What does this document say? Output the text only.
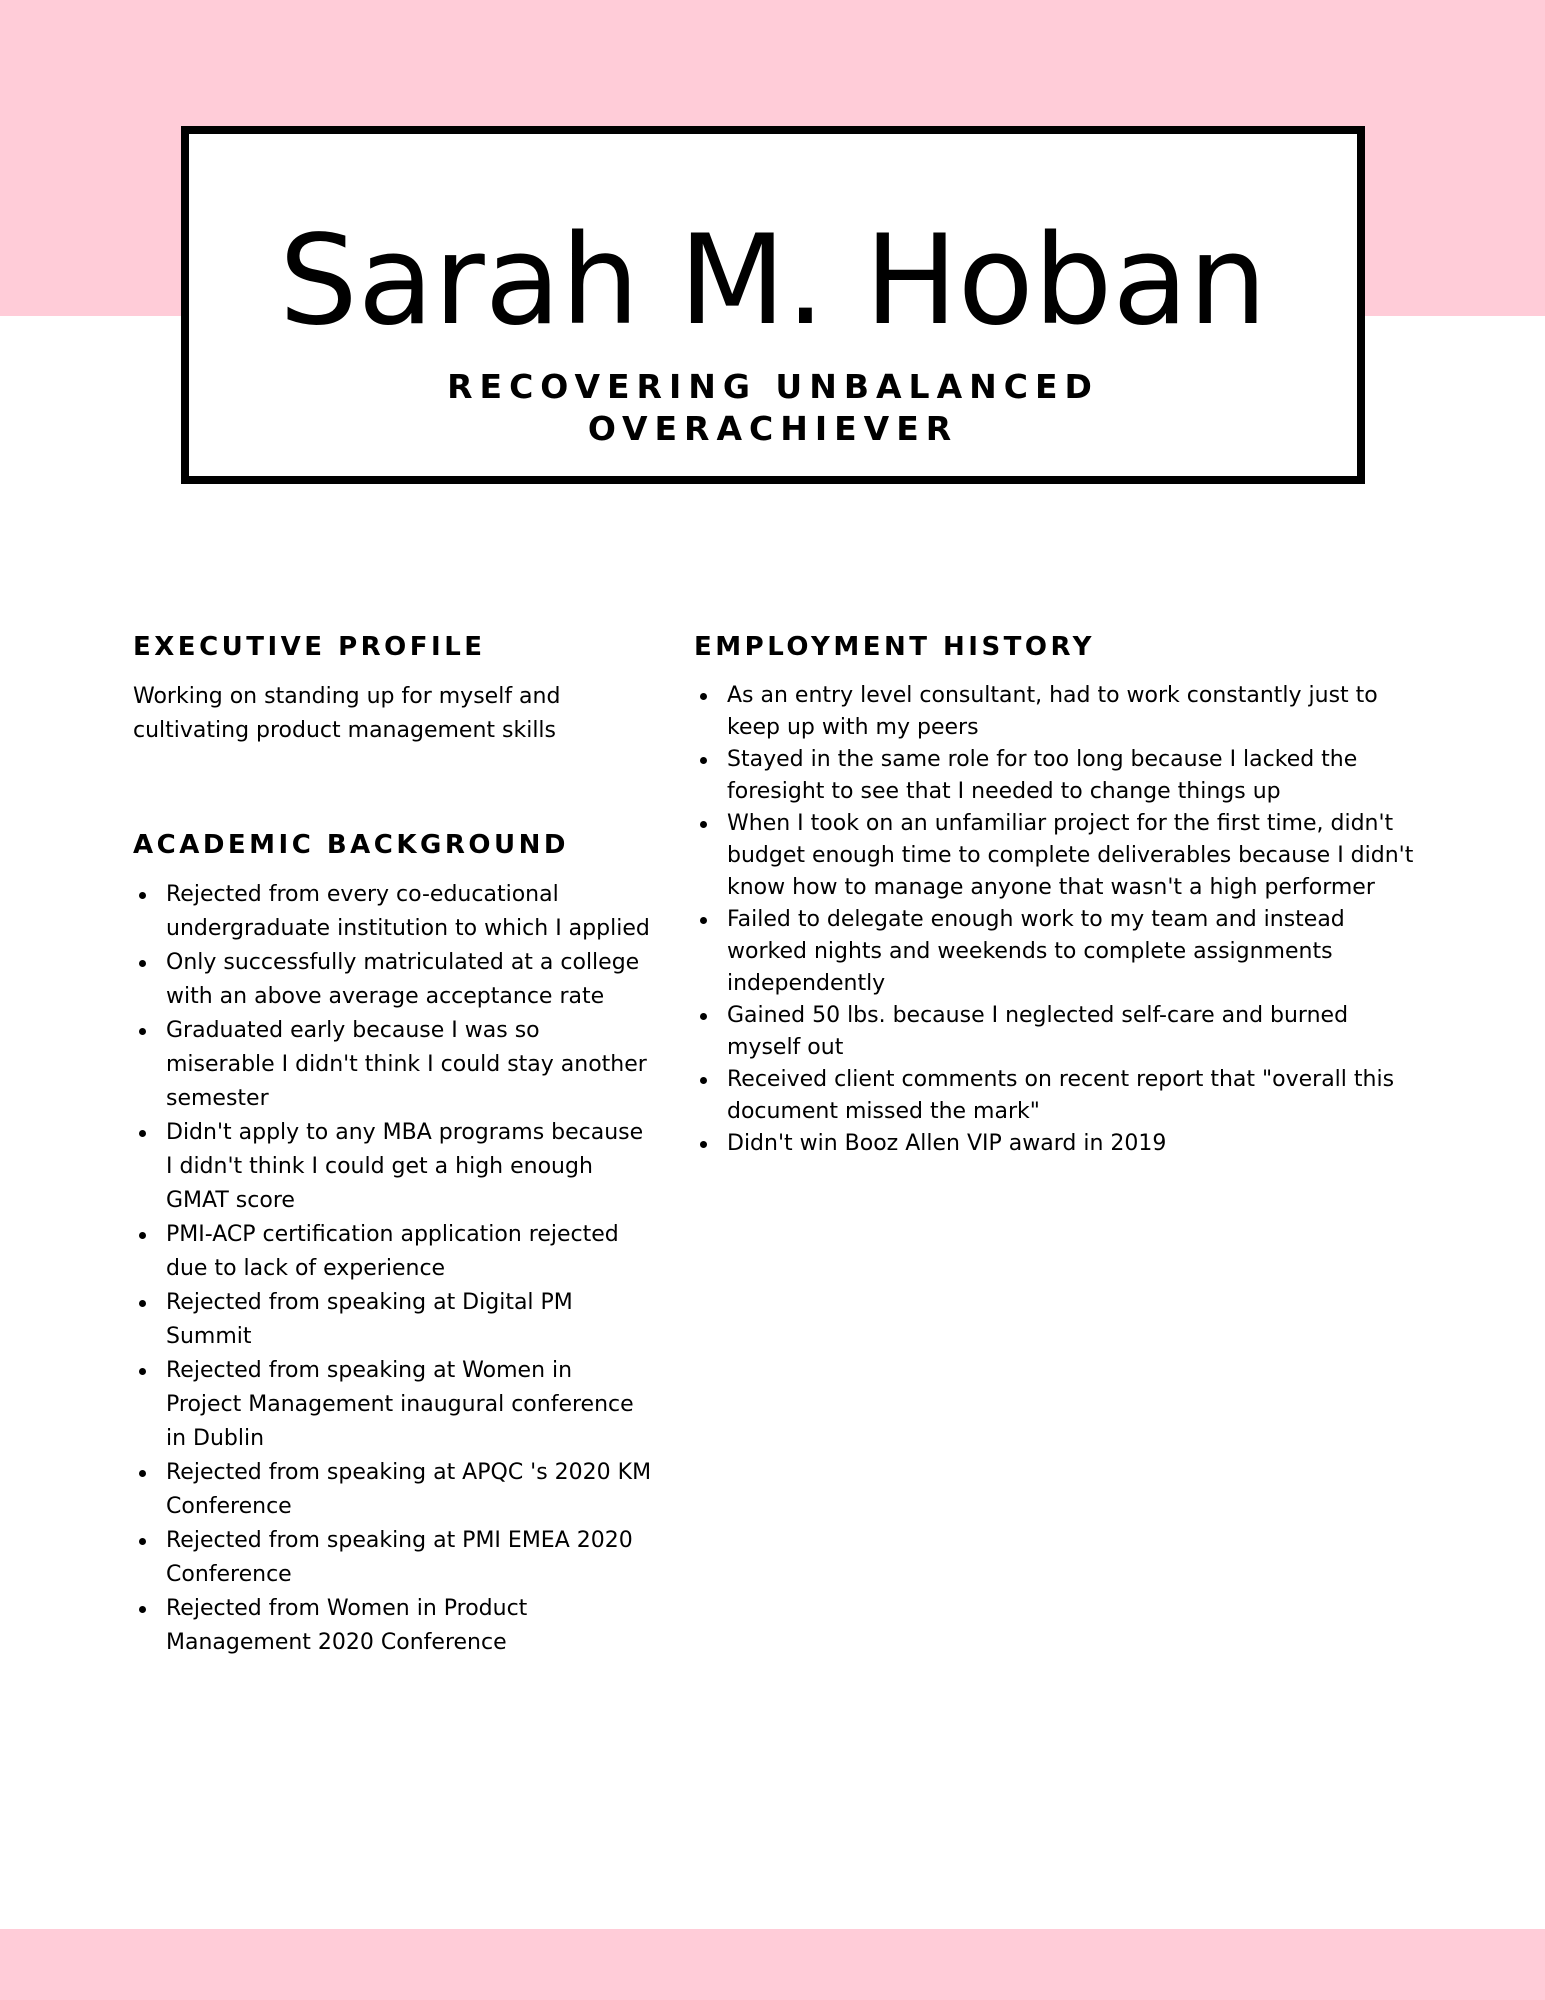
Sarah M. Hoban
RECOVERING UNBALANCED
OVERACHIEVER
EXECUTIVE PROFILE

Working on standing up for myself and cultivating product management skills

ACADEMIC BACKGROUND
Rejected from every co-educational undergraduate institution to which I applied
Only successfully matriculated at a college with an above average acceptance rate
Graduated early because I was so miserable I didn't think I could stay another semester
Didn't apply to any MBA programs because I didn't think I could get a high enough GMAT score
PMI-ACP certification application rejected due to lack of experience
Rejected from speaking at Digital PM Summit
Rejected from speaking at Women in Project Management inaugural conference in Dublin
Rejected from speaking at APQC 's 2020 KM Conference
Rejected from speaking at PMI EMEA 2020 Conference
Rejected from Women in Product Management 2020 Conference
EMPLOYMENT HISTORY
As an entry level consultant, had to work constantly just to keep up with my peers
Stayed in the same role for too long because I lacked the foresight to see that I needed to change things up
When I took on an unfamiliar project for the first time, didn't budget enough time to complete deliverables because I didn't know how to manage anyone that wasn't a high performer
Failed to delegate enough work to my team and instead worked nights and weekends to complete assignments independently
Gained 50 lbs. because I neglected self-care and burned myself out
Received client comments on recent report that "overall this document missed the mark"
Didn't win Booz Allen VIP award in 2019
